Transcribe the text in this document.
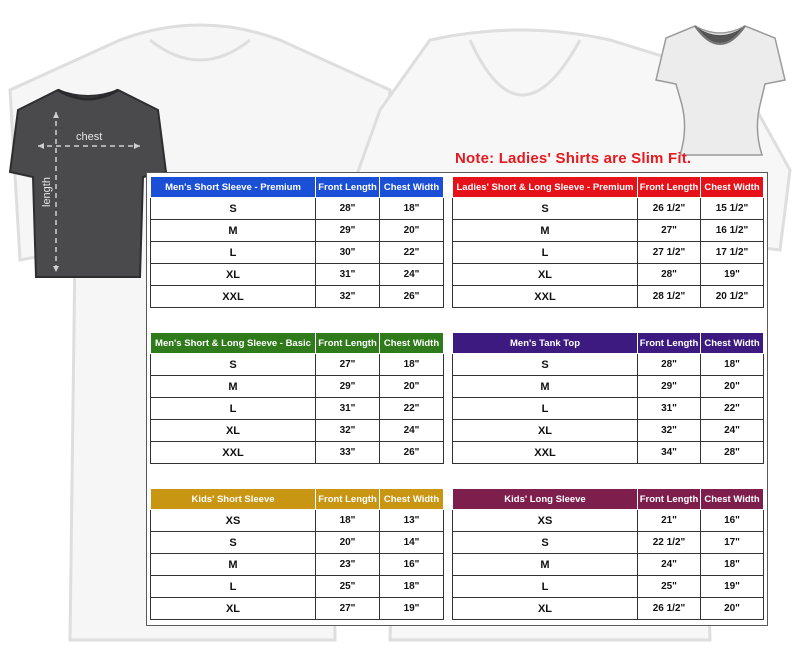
chest
length
Note: Ladies' Shirts are Slim Fit.
Men's Short Sleeve - Premium	Front Length	Chest Width
S	28"	18"
M	29"	20"
L	30"	22"
XL	31"	24"
XXL	32"	26"
Ladies' Short & Long Sleeve - Premium	Front Length	Chest Width
S	26 1/2"	15 1/2"
M	27"	16 1/2"
L	27 1/2"	17 1/2"
XL	28"	19"
XXL	28 1/2"	20 1/2"
Men's Short & Long Sleeve - Basic	Front Length	Chest Width
S	27"	18"
M	29"	20"
L	31"	22"
XL	32"	24"
XXL	33"	26"
Men's Tank Top	Front Length	Chest Width
S	28"	18"
M	29"	20"
L	31"	22"
XL	32"	24"
XXL	34"	28"
Kids' Short Sleeve	Front Length	Chest Width
XS	18"	13"
S	20"	14"
M	23"	16"
L	25"	18"
XL	27"	19"
Kids' Long Sleeve	Front Length	Chest Width
XS	21"	16"
S	22 1/2"	17"
M	24"	18"
L	25"	19"
XL	26 1/2"	20"
